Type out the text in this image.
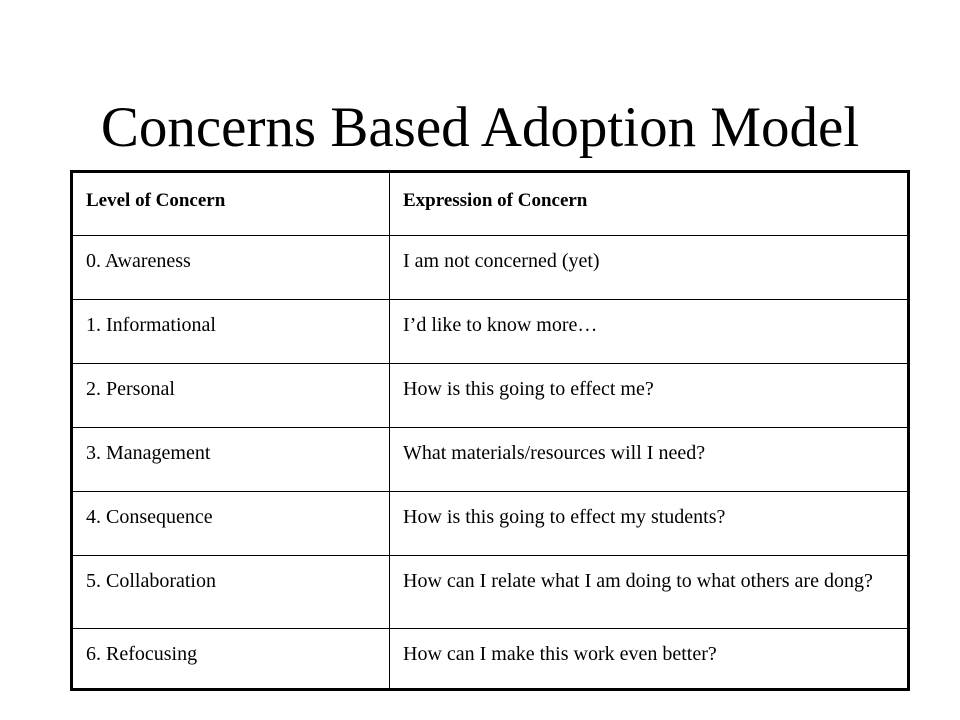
Concerns Based Adoption Model
Level of Concern	Expression of Concern
0. Awareness	I am not concerned (yet)
1. Informational	I’d like to know more…
2. Personal	How is this going to effect me?
3. Management	What materials/resources will I need?
4. Consequence	How is this going to effect my students?
5. Collaboration	How can I relate what I am doing to what others are dong?
6. Refocusing	How can I make this work even better?
